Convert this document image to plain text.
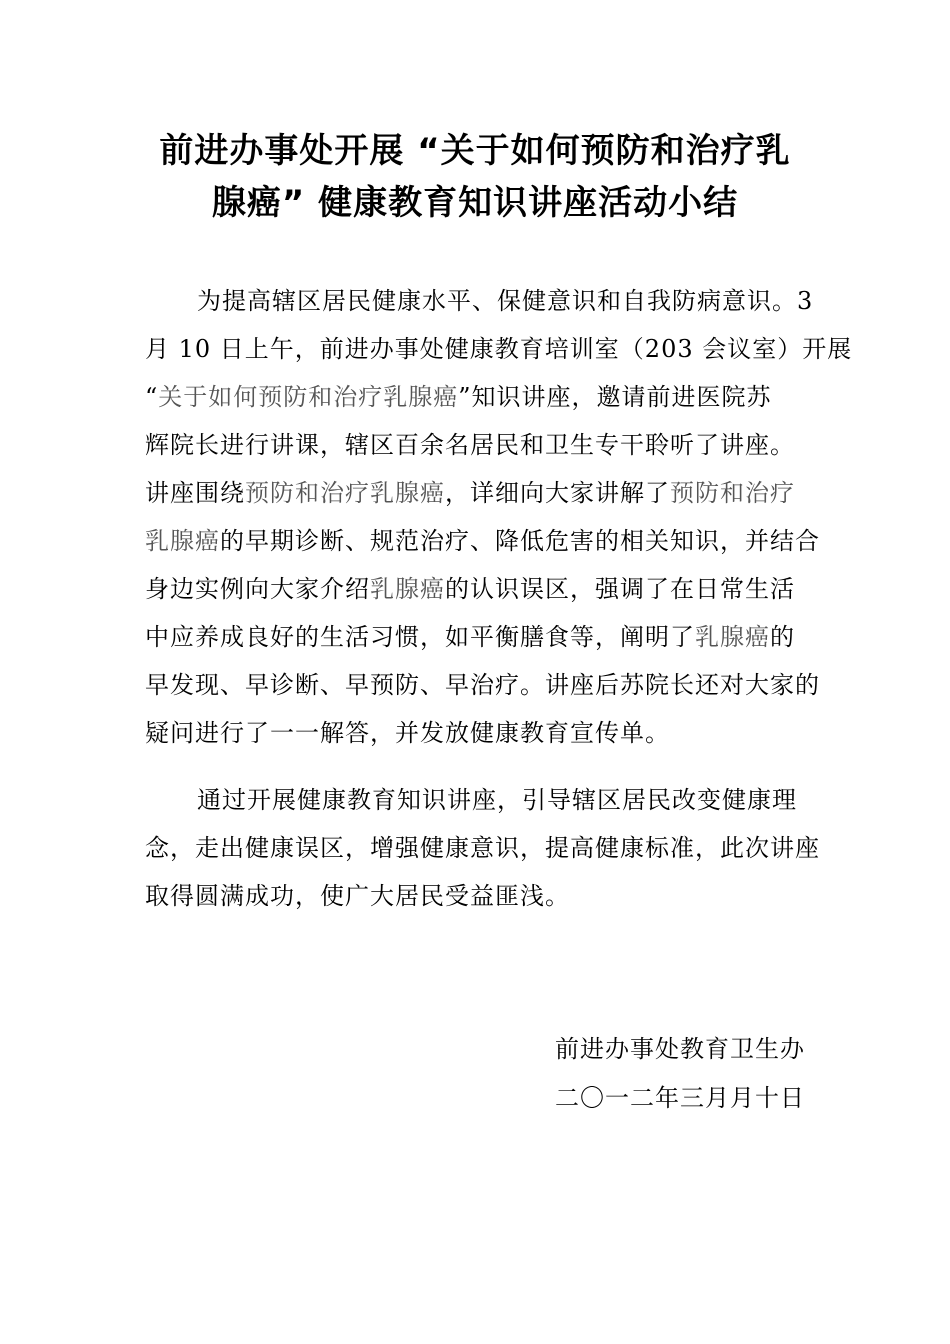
前进办事处开展 “关于如何预防和治疗乳
腺癌” 健康教育知识讲座活动小结
为提高辖区居民健康水平、保健意识和自我防病意识。3
月 10 日上午，前进办事处健康教育培训室（203 会议室）开展
“关于如何预防和治疗乳腺癌”知识讲座，邀请前进医院苏
辉院长进行讲课，辖区百余名居民和卫生专干聆听了讲座。
讲座围绕预防和治疗乳腺癌，详细向大家讲解了预防和治疗
乳腺癌的早期诊断、规范治疗、降低危害的相关知识，并结合
身边实例向大家介绍乳腺癌的认识误区，强调了在日常生活
中应养成良好的生活习惯，如平衡膳食等，阐明了乳腺癌的
早发现、早诊断、早预防、早治疗。讲座后苏院长还对大家的
疑问进行了一一解答，并发放健康教育宣传单。
通过开展健康教育知识讲座，引导辖区居民改变健康理
念，走出健康误区，增强健康意识，提高健康标准，此次讲座
取得圆满成功，使广大居民受益匪浅。
前进办事处教育卫生办
二〇一二年三月月十日
